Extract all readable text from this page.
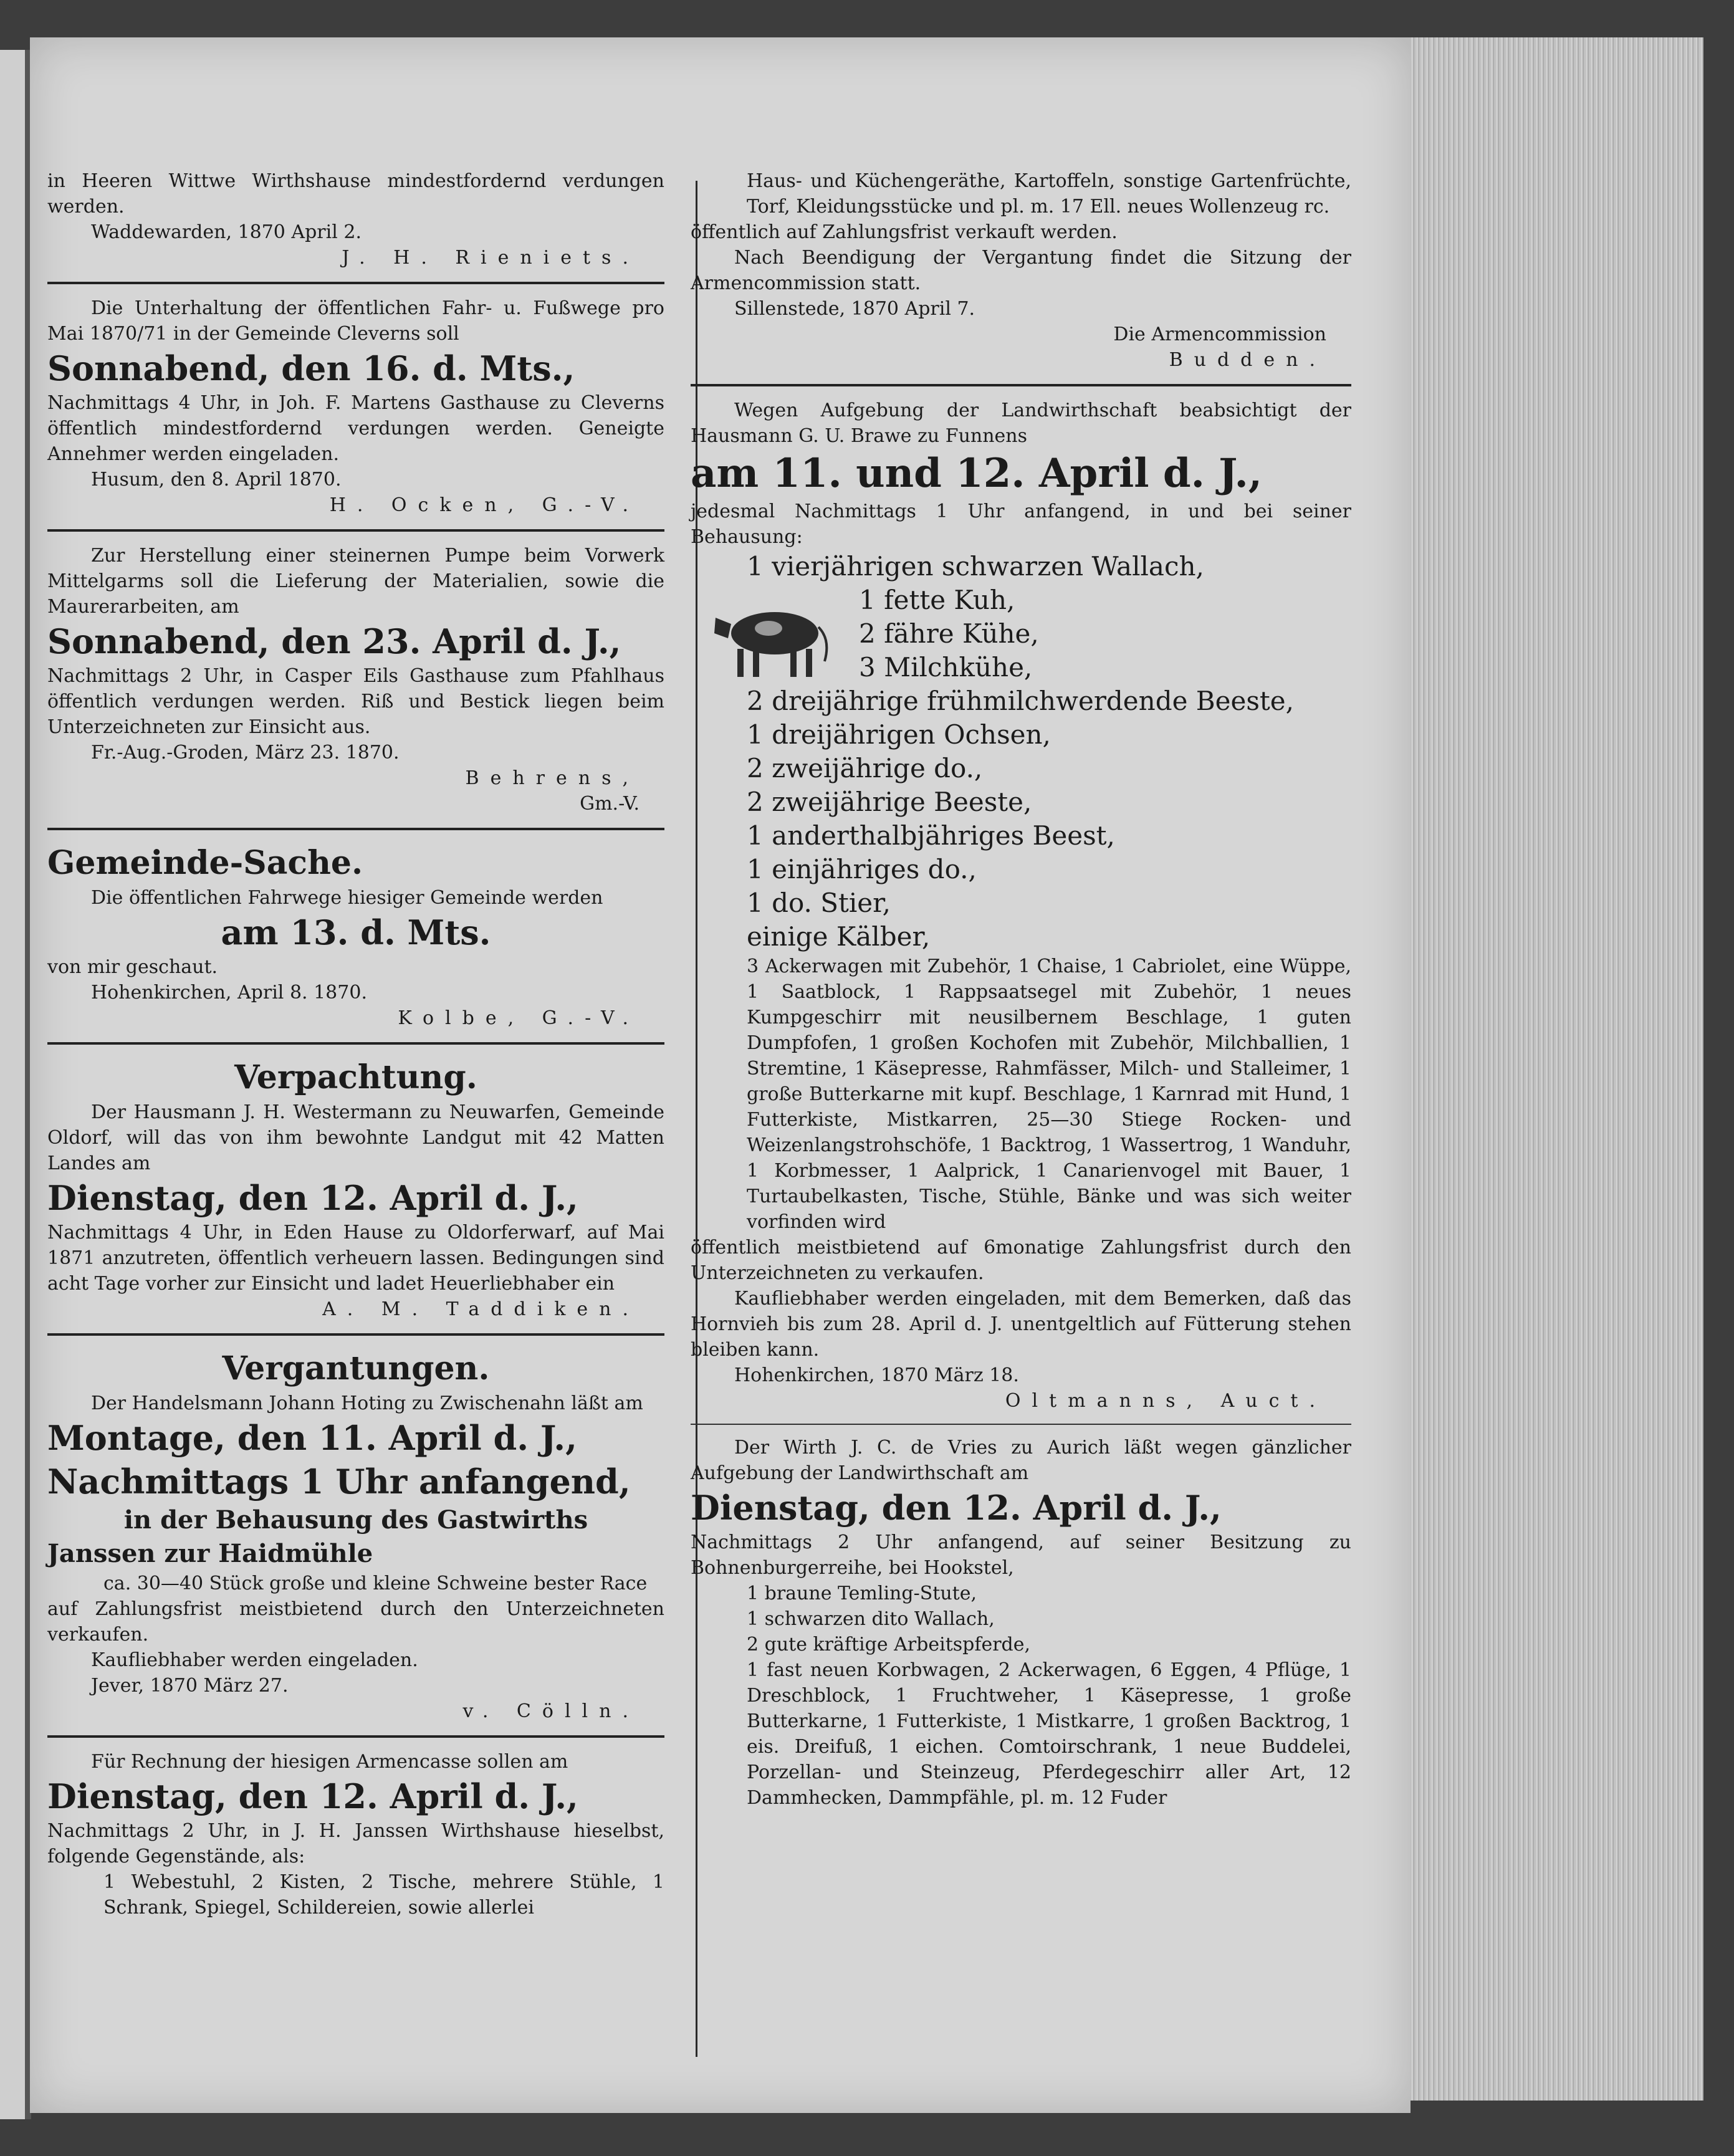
in Heeren Wittwe Wirthshause mindestfordernd verdungen werden.

Waddewarden, 1870 April 2.

J. H. Rieniets.

Die Unterhaltung der öffentlichen Fahr- u. Fußwege pro Mai 1870/71 in der Gemeinde Cleverns soll

Sonnabend, den 16. d. Mts.,

Nachmittags 4 Uhr, in Joh. F. Martens Gasthause zu Cleverns öffentlich mindestfordernd verdungen werden. Geneigte Annehmer werden eingeladen.

Husum, den 8. April 1870.

H. Ocken, G.-V.

Zur Herstellung einer steinernen Pumpe beim Vorwerk Mittelgarms soll die Lieferung der Materialien, sowie die Maurerarbeiten, am

Sonnabend, den 23. April d. J.,

Nachmittags 2 Uhr, in Casper Eils Gasthause zum Pfahlhaus öffentlich verdungen werden. Riß und Bestick liegen beim Unterzeichneten zur Einsicht aus.

Fr.-Aug.-Groden, März 23. 1870.

Behrens,

Gm.-V.

Gemeinde-Sache.

Die öffentlichen Fahrwege hiesiger Gemeinde werden

am 13. d. Mts.

von mir geschaut.

Hohenkirchen, April 8. 1870.

Kolbe, G.-V.

Verpachtung.

Der Hausmann J. H. Westermann zu Neuwarfen, Gemeinde Oldorf, will das von ihm bewohnte Landgut mit 42 Matten Landes am

Dienstag, den 12. April d. J.,

Nachmittags 4 Uhr, in Eden Hause zu Oldorferwarf, auf Mai 1871 anzutreten, öffentlich verheuern lassen. Bedingungen sind acht Tage vorher zur Einsicht und ladet Heuerliebhaber ein

A. M. Taddiken.

Vergantungen.

Der Handelsmann Johann Hoting zu Zwischenahn läßt am

Montage, den 11. April d. J.,

Nachmittags 1 Uhr anfangend,

in der Behausung des Gastwirths

Janssen zur Haidmühle

ca. 30—40 Stück große und kleine Schweine bester Race

auf Zahlungsfrist meistbietend durch den Unterzeichneten verkaufen.

Kaufliebhaber werden eingeladen.

Jever, 1870 März 27.

v. Cölln.

Für Rechnung der hiesigen Armencasse sollen am

Dienstag, den 12. April d. J.,

Nachmittags 2 Uhr, in J. H. Janssen Wirthshause hieselbst, folgende Gegenstände, als:

1 Webestuhl, 2 Kisten, 2 Tische, mehrere Stühle, 1 Schrank, Spiegel, Schildereien, sowie allerlei

Haus- und Küchengeräthe, Kartoffeln, sonstige Gartenfrüchte, Torf, Kleidungsstücke und pl. m. 17 Ell. neues Wollenzeug rc.

öffentlich auf Zahlungsfrist verkauft werden.

Nach Beendigung der Vergantung findet die Sitzung der Armencommission statt.

Sillenstede, 1870 April 7.

Die Armencommission

Budden.

Wegen Aufgebung der Landwirthschaft beabsichtigt der Hausmann G. U. Brawe zu Funnens

am 11. und 12. April d. J.,

jedesmal Nachmittags 1 Uhr anfangend, in und bei seiner Behausung:

1 vierjährigen schwarzen Wallach,

1 fette Kuh,

2 fähre Kühe,

3 Milchkühe,

2 dreijährige frühmilchwerdende Beeste,

1 dreijährigen Ochsen,

2 zweijährige do.,

2 zweijährige Beeste,

1 anderthalbjähriges Beest,

1 einjähriges do.,

1 do. Stier,

einige Kälber,

3 Ackerwagen mit Zubehör, 1 Chaise, 1 Cabriolet, eine Wüppe, 1 Saatblock, 1 Rappsaatsegel mit Zubehör, 1 neues Kumpgeschirr mit neusilbernem Beschlage, 1 guten Dumpfofen, 1 großen Kochofen mit Zubehör, Milchballien, 1 Stremtine, 1 Käsepresse, Rahmfässer, Milch- und Stalleimer, 1 große Butterkarne mit kupf. Beschlage, 1 Karnrad mit Hund, 1 Futterkiste, Mistkarren, 25—30 Stiege Rocken- und Weizenlangstrohschöfe, 1 Backtrog, 1 Wassertrog, 1 Wanduhr, 1 Korbmesser, 1 Aalprick, 1 Canarienvogel mit Bauer, 1 Turtaubelkasten, Tische, Stühle, Bänke und was sich weiter vorfinden wird

öffentlich meistbietend auf 6monatige Zahlungsfrist durch den Unterzeichneten zu verkaufen.

Kaufliebhaber werden eingeladen, mit dem Bemerken, daß das Hornvieh bis zum 28. April d. J. unentgeltlich auf Fütterung stehen bleiben kann.

Hohenkirchen, 1870 März 18.

Oltmanns, Auct.

Der Wirth J. C. de Vries zu Aurich läßt wegen gänzlicher Aufgebung der Landwirthschaft am

Dienstag, den 12. April d. J.,

Nachmittags 2 Uhr anfangend, auf seiner Besitzung zu Bohnenburgerreihe, bei Hookstel,

1 braune Temling-Stute,

1 schwarzen dito Wallach,

2 gute kräftige Arbeitspferde,

1 fast neuen Korbwagen, 2 Ackerwagen, 6 Eggen, 4 Pflüge, 1 Dreschblock, 1 Fruchtweher, 1 Käsepresse, 1 große Butterkarne, 1 Futterkiste, 1 Mistkarre, 1 großen Backtrog, 1 eis. Dreifuß, 1 eichen. Comtoirschrank, 1 neue Buddelei, Porzellan- und Steinzeug, Pferdegeschirr aller Art, 12 Dammhecken, Dammpfähle, pl. m. 12 Fuder
